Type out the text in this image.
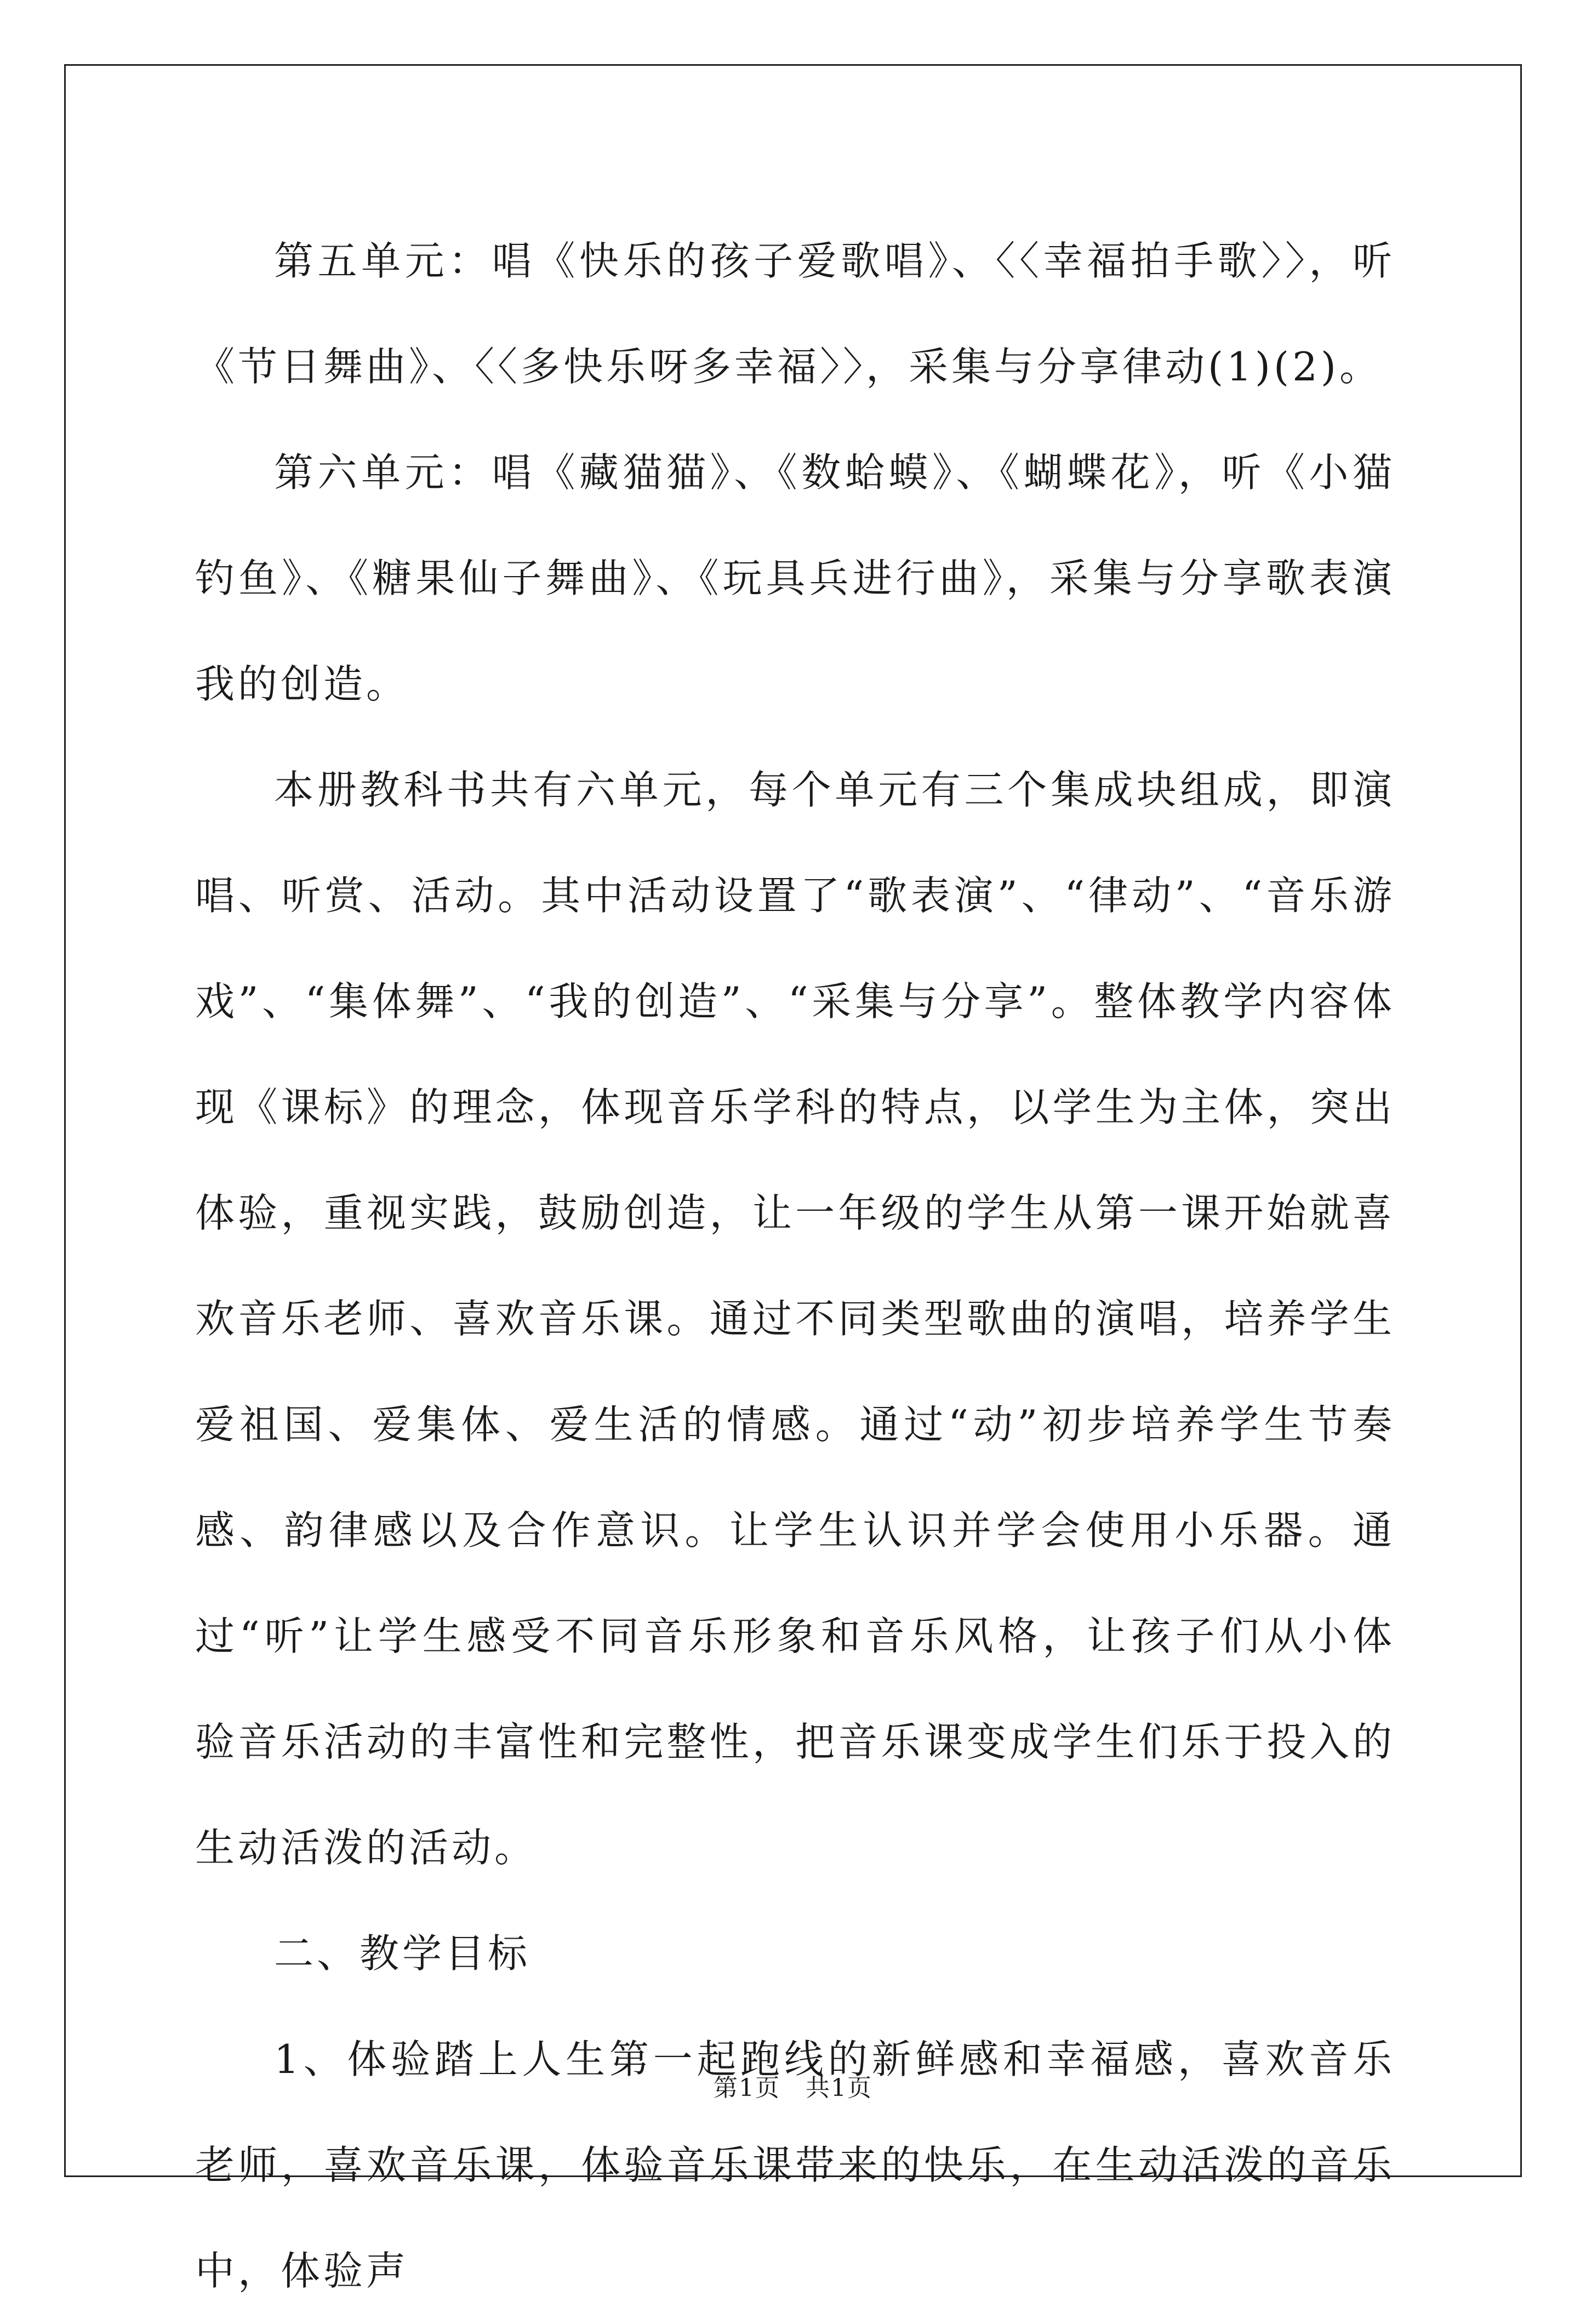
第五单元：唱《快乐的孩子爱歌唱》、〈〈幸福拍手歌〉〉，听《节日舞曲》、〈〈多快乐呀多幸福〉〉，采集与分享律动(1)(2)。

第六单元：唱《藏猫猫》、《数蛤蟆》、《蝴蝶花》，听《小猫钓鱼》、《糖果仙子舞曲》、《玩具兵进行曲》，采集与分享歌表演我的创造。

本册教科书共有六单元，每个单元有三个集成块组成，即演唱、听赏、活动。其中活动设置了“歌表演”、“律动”、“音乐游戏”、“集体舞”、“我的创造”、“采集与分享”。整体教学内容体现《课标》的理念，体现音乐学科的特点，以学生为主体，突出体验，重视实践，鼓励创造，让一年级的学生从第一课开始就喜欢音乐老师、喜欢音乐课。通过不同类型歌曲的演唱，培养学生爱祖国、爱集体、爱生活的情感。通过“动”初步培养学生节奏感、韵律感以及合作意识。让学生认识并学会使用小乐器。通过“听”让学生感受不同音乐形象和音乐风格，让孩子们从小体验音乐活动的丰富性和完整性，把音乐课变成学生们乐于投入的生动活泼的活动。

二、教学目标

1、体验踏上人生第一起跑线的新鲜感和幸福感，喜欢音乐老师，喜欢音乐课，体验音乐课带来的快乐，在生动活泼的音乐中，体验声

第1页　共1页
